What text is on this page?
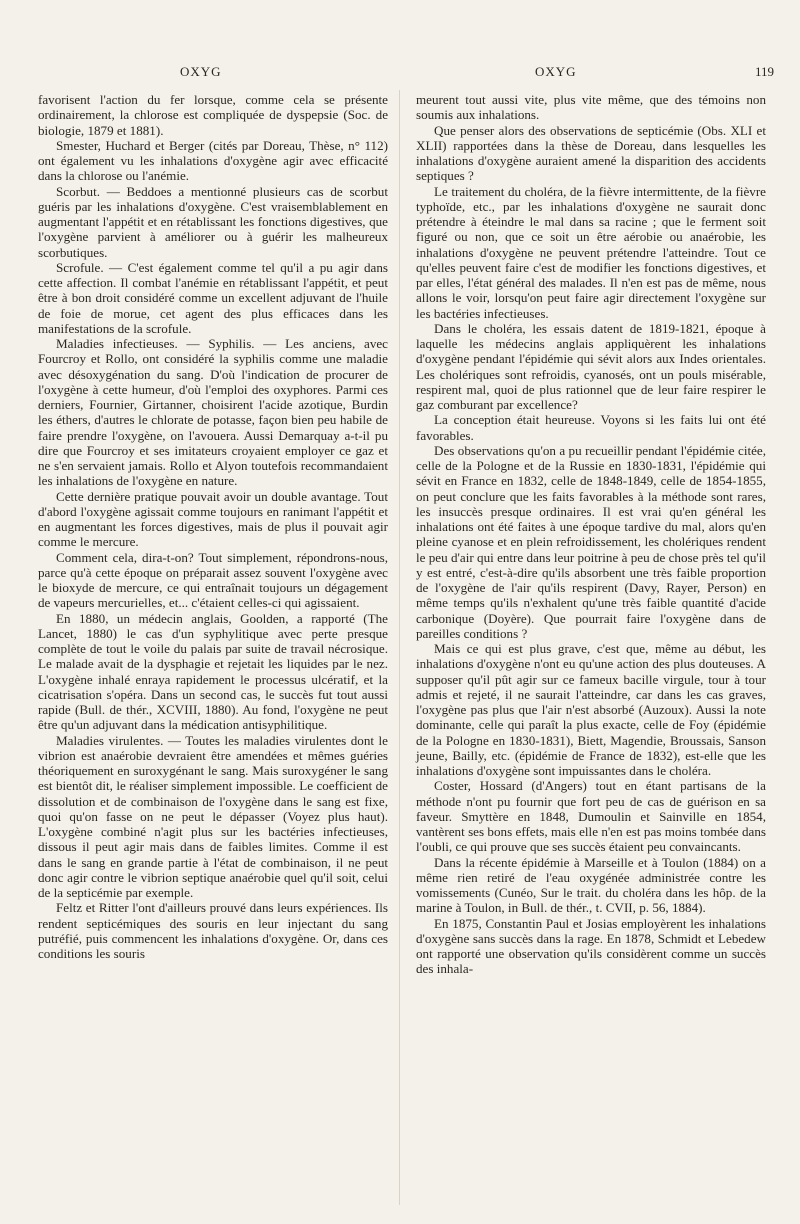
OXYG	OXYG	119

favorisent l'action du fer lorsque, comme cela se présente ordinairement, la chlorose est compliquée de dyspepsie (Soc. de biologie, 1879 et 1881).

Smester, Huchard et Berger (cités par Doreau, Thèse, n° 112) ont également vu les inhalations d'oxygène agir avec efficacité dans la chlorose ou l'anémie.

Scorbut. — Beddoes a mentionné plusieurs cas de scorbut guéris par les inhalations d'oxygène. C'est vraisemblablement en augmentant l'appétit et en rétablissant les fonctions digestives, que l'oxygène parvient à améliorer ou à guérir les malheureux scorbutiques.

Scrofule. — C'est également comme tel qu'il a pu agir dans cette affection. Il combat l'anémie en rétablissant l'appétit, et peut être à bon droit considéré comme un excellent adjuvant de l'huile de foie de morue, cet agent des plus efficaces dans les manifestations de la scrofule.

Maladies infectieuses. — Syphilis. — Les anciens, avec Fourcroy et Rollo, ont considéré la syphilis comme une maladie avec désoxygénation du sang. D'où l'indication de procurer de l'oxygène à cette humeur, d'où l'emploi des oxyphores. Parmi ces derniers, Fournier, Girtanner, choisirent l'acide azotique, Burdin les éthers, d'autres le chlorate de potasse, façon bien peu habile de faire prendre l'oxygène, on l'avouera. Aussi Demarquay a-t-il pu dire que Fourcroy et ses imitateurs croyaient employer ce gaz et ne s'en servaient jamais. Rollo et Alyon toutefois recommandaient les inhalations de l'oxygène en nature.

Cette dernière pratique pouvait avoir un double avantage. Tout d'abord l'oxygène agissait comme toujours en ranimant l'appétit et en augmentant les forces digestives, mais de plus il pouvait agir comme le mercure.

Comment cela, dira-t-on? Tout simplement, répondrons-nous, parce qu'à cette époque on préparait assez souvent l'oxygène avec le bioxyde de mercure, ce qui entraînait toujours un dégagement de vapeurs mercurielles, et... c'étaient celles-ci qui agissaient.

En 1880, un médecin anglais, Goolden, a rapporté (The Lancet, 1880) le cas d'un syphylitique avec perte presque complète de tout le voile du palais par suite de travail nécrosique. Le malade avait de la dysphagie et rejetait les liquides par le nez. L'oxygène inhalé enraya rapidement le processus ulcératif, et la cicatrisation s'opéra. Dans un second cas, le succès fut tout aussi rapide (Bull. de thér., XCVIII, 1880). Au fond, l'oxygène ne peut être qu'un adjuvant dans la médication antisyphilitique.

Maladies virulentes. — Toutes les maladies virulentes dont le vibrion est anaérobie devraient être amendées et mêmes guéries théoriquement en suroxygénant le sang. Mais suroxygéner le sang est bientôt dit, le réaliser simplement impossible. Le coefficient de dissolution et de combinaison de l'oxygène dans le sang est fixe, quoi qu'on fasse on ne peut le dépasser (Voyez plus haut). L'oxygène combiné n'agit plus sur les bactéries infectieuses, dissous il peut agir mais dans de faibles limites. Comme il est dans le sang en grande partie à l'état de combinaison, il ne peut donc agir contre le vibrion septique anaérobie quel qu'il soit, celui de la septicémie par exemple.

Feltz et Ritter l'ont d'ailleurs prouvé dans leurs expériences. Ils rendent septicémiques des souris en leur injectant du sang putréfié, puis commencent les inhalations d'oxygène. Or, dans ces conditions les souris

meurent tout aussi vite, plus vite même, que des témoins non soumis aux inhalations.

Que penser alors des observations de septicémie (Obs. XLI et XLII) rapportées dans la thèse de Doreau, dans lesquelles les inhalations d'oxygène auraient amené la disparition des accidents septiques ?

Le traitement du choléra, de la fièvre intermittente, de la fièvre typhoïde, etc., par les inhalations d'oxygène ne saurait donc prétendre à éteindre le mal dans sa racine ; que le ferment soit figuré ou non, que ce soit un être aérobie ou anaérobie, les inhalations d'oxygène ne peuvent prétendre l'atteindre. Tout ce qu'elles peuvent faire c'est de modifier les fonctions digestives, et par elles, l'état général des malades. Il n'en est pas de même, nous allons le voir, lorsqu'on peut faire agir directement l'oxygène sur les bactéries infectieuses.

Dans le choléra, les essais datent de 1819-1821, époque à laquelle les médecins anglais appliquèrent les inhalations d'oxygène pendant l'épidémie qui sévit alors aux Indes orientales. Les cholériques sont refroidis, cyanosés, ont un pouls misérable, respirent mal, quoi de plus rationnel que de leur faire respirer le gaz comburant par excellence?

La conception était heureuse. Voyons si les faits lui ont été favorables.

Des observations qu'on a pu recueillir pendant l'épidémie citée, celle de la Pologne et de la Russie en 1830-1831, l'épidémie qui sévit en France en 1832, celle de 1848-1849, celle de 1854-1855, on peut conclure que les faits favorables à la méthode sont rares, les insuccès presque ordinaires. Il est vrai qu'en général les inhalations ont été faites à une époque tardive du mal, alors qu'en pleine cyanose et en plein refroidissement, les cholériques rendent le peu d'air qui entre dans leur poitrine à peu de chose près tel qu'il y est entré, c'est-à-dire qu'ils absorbent une très faible proportion de l'oxygène de l'air qu'ils respirent (Davy, Rayer, Person) en même temps qu'ils n'exhalent qu'une très faible quantité d'acide carbonique (Doyère). Que pourrait faire l'oxygène dans de pareilles conditions ?

Mais ce qui est plus grave, c'est que, même au début, les inhalations d'oxygène n'ont eu qu'une action des plus douteuses. A supposer qu'il pût agir sur ce fameux bacille virgule, tour à tour admis et rejeté, il ne saurait l'atteindre, car dans les cas graves, l'oxygène pas plus que l'air n'est absorbé (Auzoux). Aussi la note dominante, celle qui paraît la plus exacte, celle de Foy (épidémie de la Pologne en 1830-1831), Biett, Magendie, Broussais, Sanson jeune, Bailly, etc. (épidémie de France de 1832), est-elle que les inhalations d'oxygène sont impuissantes dans le choléra.

Coster, Hossard (d'Angers) tout en étant partisans de la méthode n'ont pu fournir que fort peu de cas de guérison en sa faveur. Smyttère en 1848, Dumoulin et Sainville en 1854, vantèrent ses bons effets, mais elle n'en est pas moins tombée dans l'oubli, ce qui prouve que ses succès étaient peu convaincants.

Dans la récente épidémie à Marseille et à Toulon (1884) on a même rien retiré de l'eau oxygénée administrée contre les vomissements (Cunéo, Sur le trait. du choléra dans les hôp. de la marine à Toulon, in Bull. de thér., t. CVII, p. 56, 1884).

En 1875, Constantin Paul et Josias employèrent les inhalations d'oxygène sans succès dans la rage. En 1878, Schmidt et Lebedew ont rapporté une observation qu'ils considèrent comme un succès des inhala-
